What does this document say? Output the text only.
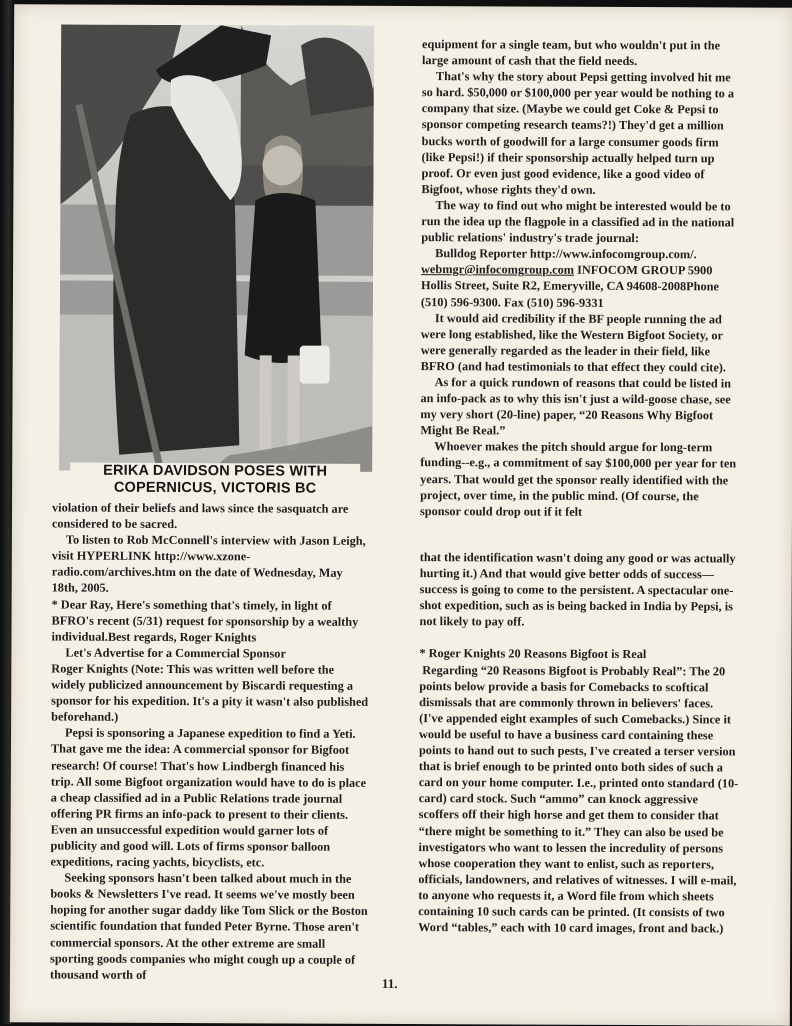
ERIKA DAVIDSON POSES WITH
COPERNICUS, VICTORIS BC

violation of their beliefs and laws since the sasquatch are considered to be sacred.

To listen to Rob McConnell's interview with Jason Leigh, visit HYPERLINK http://www.xzone-radio.com/archives.htm on the date of Wednesday, May 18th, 2005.

* Dear Ray, Here's something that's timely, in light of BFRO's recent (5/31) request for sponsorship by a wealthy individual.Best regards, Roger Knights

Let's Advertise for a Commercial Sponsor

Roger Knights (Note: This was written well before the widely publicized announcement by Biscardi requesting a sponsor for his expedition. It's a pity it wasn't also published beforehand.)

Pepsi is sponsoring a Japanese expedition to find a Yeti. That gave me the idea: A commercial sponsor for Bigfoot research! Of course! That's how Lindbergh financed his trip. All some Bigfoot organization would have to do is place a cheap classified ad in a Public Relations trade journal offering PR firms an info-pack to present to their clients. Even an unsuccessful expedition would garner lots of publicity and good will. Lots of firms sponsor balloon expeditions, racing yachts, bicyclists, etc.

Seeking sponsors hasn't been talked about much in the books & Newsletters I've read. It seems we've mostly been hoping for another sugar daddy like Tom Slick or the Boston scientific foundation that funded Peter Byrne. Those aren't commercial sponsors. At the other extreme are small sporting goods companies who might cough up a couple of thousand worth of

equipment for a single team, but who wouldn't put in the large amount of cash that the field needs.

That's why the story about Pepsi getting involved hit me so hard. $50,000 or $100,000 per year would be nothing to a company that size. (Maybe we could get Coke & Pepsi to sponsor competing research teams?!) They'd get a million bucks worth of goodwill for a large consumer goods firm (like Pepsi!) if their sponsorship actually helped turn up proof. Or even just good evidence, like a good video of Bigfoot, whose rights they'd own.

The way to find out who might be interested would be to run the idea up the flagpole in a classified ad in the national public relations' industry's trade journal:

Bulldog Reporter http://www.infocomgroup.com/.

webmgr@infocomgroup.com INFOCOM GROUP 5900 Hollis Street, Suite R2, Emeryville, CA 94608-2008Phone (510) 596-9300. Fax (510) 596-9331

It would aid credibility if the BF people running the ad were long established, like the Western Bigfoot Society, or were generally regarded as the leader in their field, like BFRO (and had testimonials to that effect they could cite).

As for a quick rundown of reasons that could be listed in an info-pack as to why this isn't just a wild-goose chase, see my very short (20-line) paper, “20 Reasons Why Bigfoot Might Be Real.”

Whoever makes the pitch should argue for long-term funding--e.g., a commitment of say $100,000 per year for ten years. That would get the sponsor really identified with the project, over time, in the public mind. (Of course, the sponsor could drop out if it felt

that the identification wasn't doing any good or was actually hurting it.) And that would give better odds of success—success is going to come to the persistent. A spectacular one-shot expedition, such as is being backed in India by Pepsi, is not likely to pay off.

* Roger Knights 20 Reasons Bigfoot is Real

Regarding “20 Reasons Bigfoot is Probably Real”: The 20 points below provide a basis for Comebacks to scoftical dismissals that are commonly thrown in believers' faces. (I've appended eight examples of such Comebacks.) Since it would be useful to have a business card containing these points to hand out to such pests, I've created a terser version that is brief enough to be printed onto both sides of such a card on your home computer. I.e., printed onto standard (10-card) card stock. Such “ammo” can knock aggressive scoffers off their high horse and get them to consider that “there might be something to it.” They can also be used be investigators who want to lessen the incredulity of persons whose cooperation they want to enlist, such as reporters, officials, landowners, and relatives of witnesses. I will e-mail, to anyone who requests it, a Word file from which sheets containing 10 such cards can be printed. (It consists of two Word “tables,” each with 10 card images, front and back.)

11.
